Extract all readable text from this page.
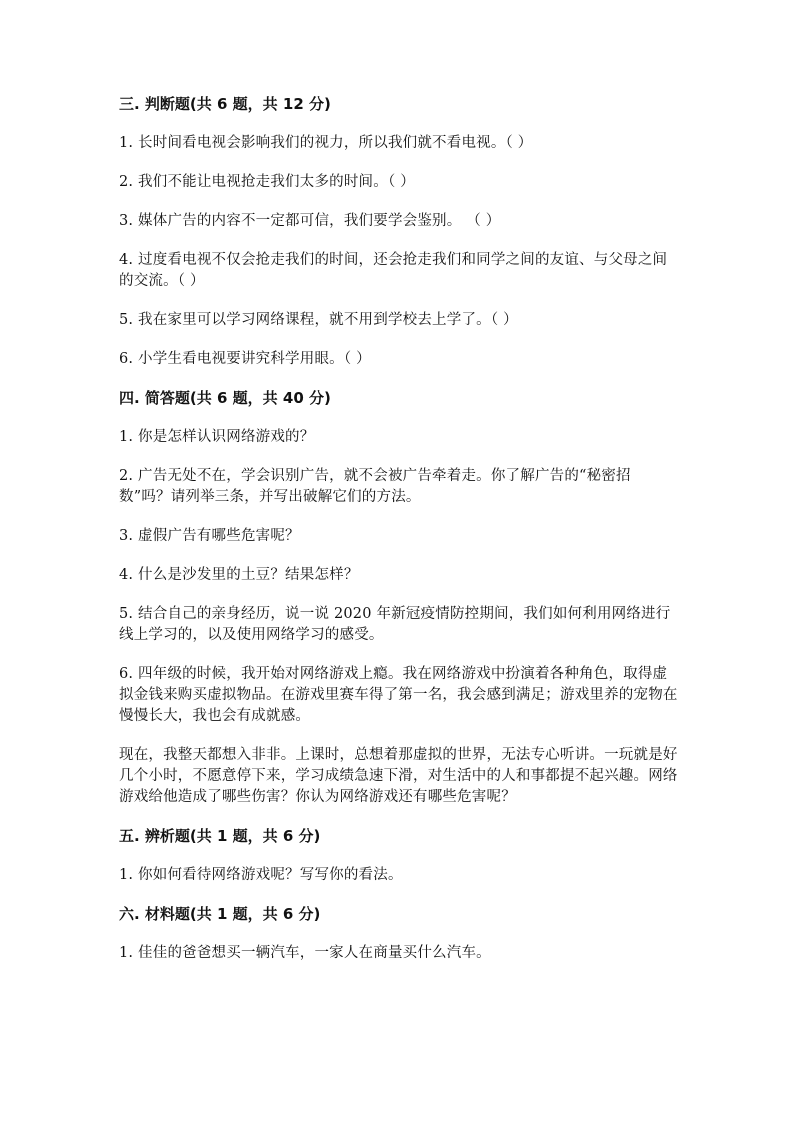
三. 判断题(共 6 题，共 12 分)

1. 长时间看电视会影响我们的视力，所以我们就不看电视。（ ）

2. 我们不能让电视抢走我们太多的时间。（ ）

3. 媒体广告的内容不一定都可信，我们要学会鉴别。 （ ）

4. 过度看电视不仅会抢走我们的时间，还会抢走我们和同学之间的友谊、与父母之间的交流。（ ）

5. 我在家里可以学习网络课程，就不用到学校去上学了。（ ）

6. 小学生看电视要讲究科学用眼。（ ）

四. 简答题(共 6 题，共 40 分)

1. 你是怎样认识网络游戏的？

2. 广告无处不在，学会识别广告，就不会被广告牵着走。你了解广告的“秘密招数”吗？请列举三条，并写出破解它们的方法。

3. 虚假广告有哪些危害呢？

4. 什么是沙发里的土豆？结果怎样？

5. 结合自己的亲身经历，说一说 2020 年新冠疫情防控期间，我们如何利用网络进行线上学习的，以及使用网络学习的感受。

6. 四年级的时候，我开始对网络游戏上瘾。我在网络游戏中扮演着各种角色，取得虚拟金钱来购买虚拟物品。在游戏里赛车得了第一名，我会感到满足；游戏里养的宠物在慢慢长大，我也会有成就感。

现在，我整天都想入非非。上课时，总想着那虚拟的世界，无法专心听讲。一玩就是好几个小时，不愿意停下来，学习成绩急速下滑，对生活中的人和事都提不起兴趣。网络游戏给他造成了哪些伤害？你认为网络游戏还有哪些危害呢？

五. 辨析题(共 1 题，共 6 分)

1. 你如何看待网络游戏呢？写写你的看法。

六. 材料题(共 1 题，共 6 分)

1. 佳佳的爸爸想买一辆汽车，一家人在商量买什么汽车。
